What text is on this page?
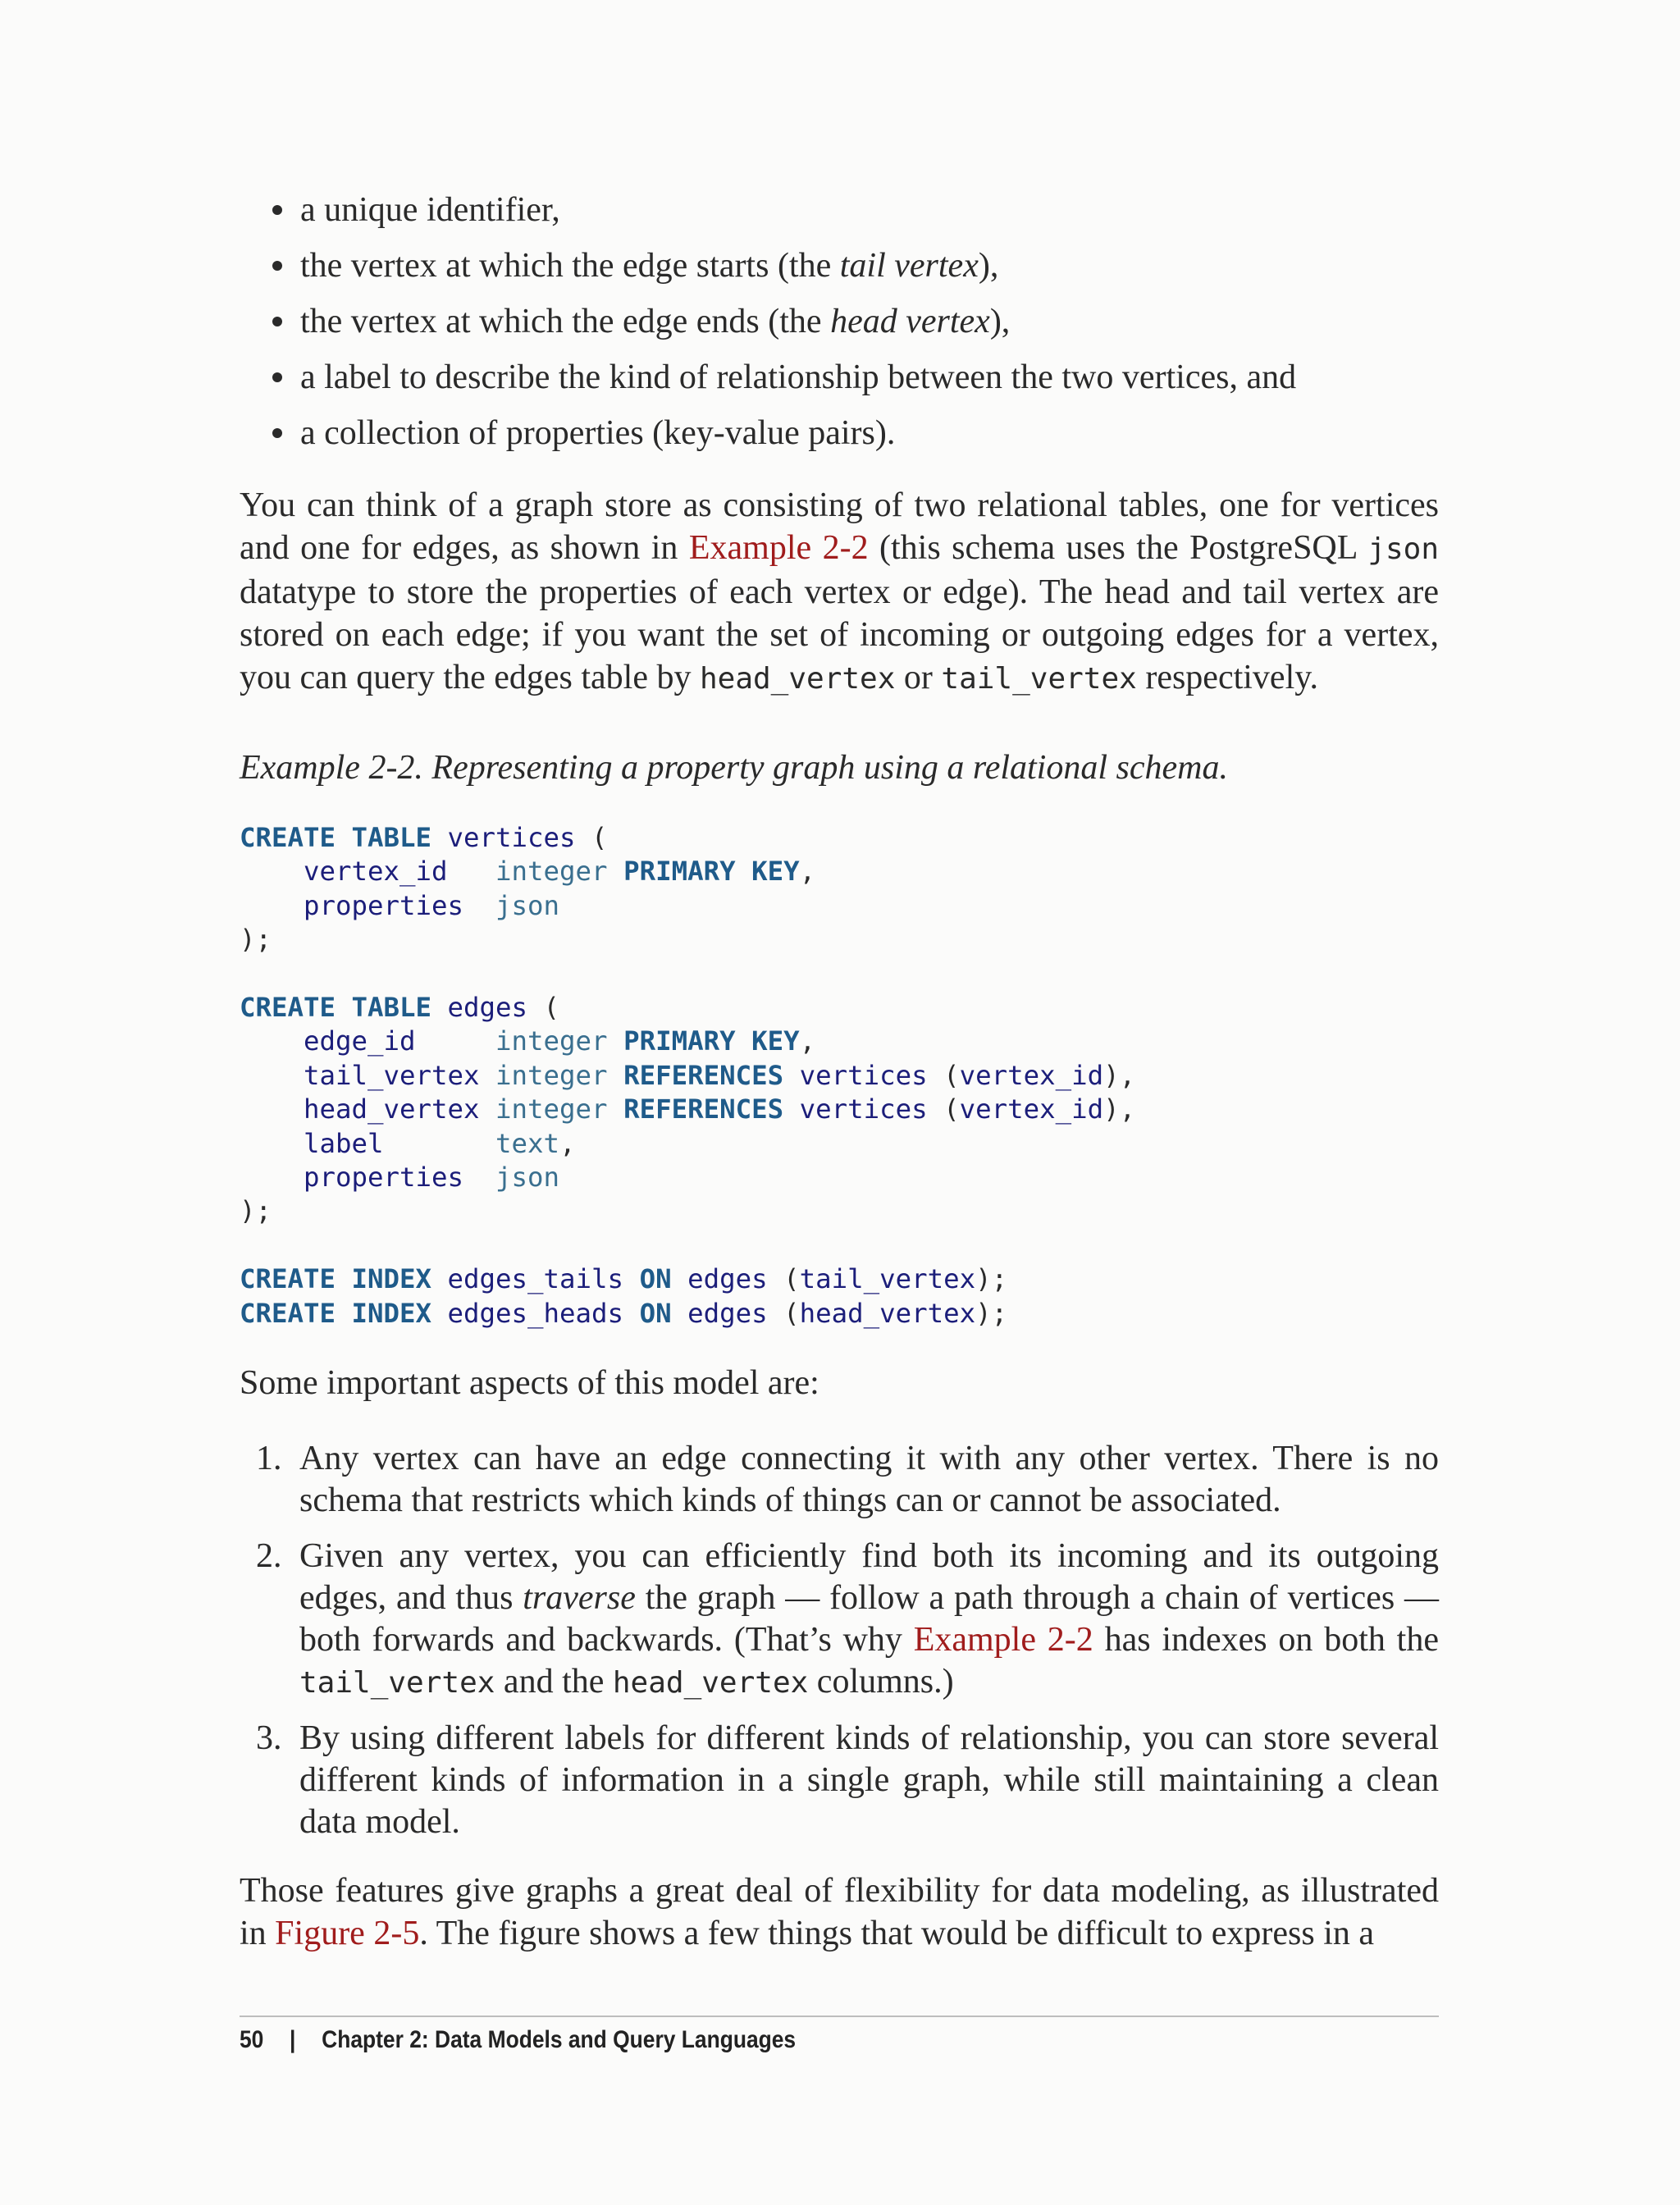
a unique identifier,
the vertex at which the edge starts (the tail vertex),
the vertex at which the edge ends (the head vertex),
a label to describe the kind of relationship between the two vertices, and
a collection of properties (key-value pairs).

You can think of a graph store as consisting of two relational tables, one for vertices and one for edges, as shown in Example 2-2 (this schema uses the PostgreSQL json datatype to store the properties of each vertex or edge). The head and tail vertex are stored on each edge; if you want the set of incoming or outgoing edges for a vertex, you can query the edges table by head_vertex or tail_vertex respectively.

Example 2-2. Representing a property graph using a relational schema.

CREATE TABLE vertices (
vertex_id integer PRIMARY KEY,
properties json
);

CREATE TABLE edges (
edge_id	integer PRIMARY KEY,
tail_vertex integer REFERENCES vertices (vertex_id),
head_vertex integer REFERENCES vertices (vertex_id),
label	text,
properties json
);

CREATE INDEX edges_tails ON edges (tail_vertex);
CREATE INDEX edges_heads ON edges (head_vertex);

Some important aspects of this model are:

1. Any vertex can have an edge connecting it with any other vertex. There is no schema that restricts which kinds of things can or cannot be associated.
2. Given any vertex, you can efficiently find both its incoming and its outgoing edges, and thus traverse the graph — follow a path through a chain of vertices — both forwards and backwards. (That’s why Example 2-2 has indexes on both the tail_vertex and the head_vertex columns.)
3. By using different labels for different kinds of relationship, you can store several different kinds of information in a single graph, while still maintaining a clean data model.

Those features give graphs a great deal of flexibility for data modeling, as illustrated in Figure 2-5. The figure shows a few things that would be difficult to express in a

50 | Chapter 2: Data Models and Query Languages
